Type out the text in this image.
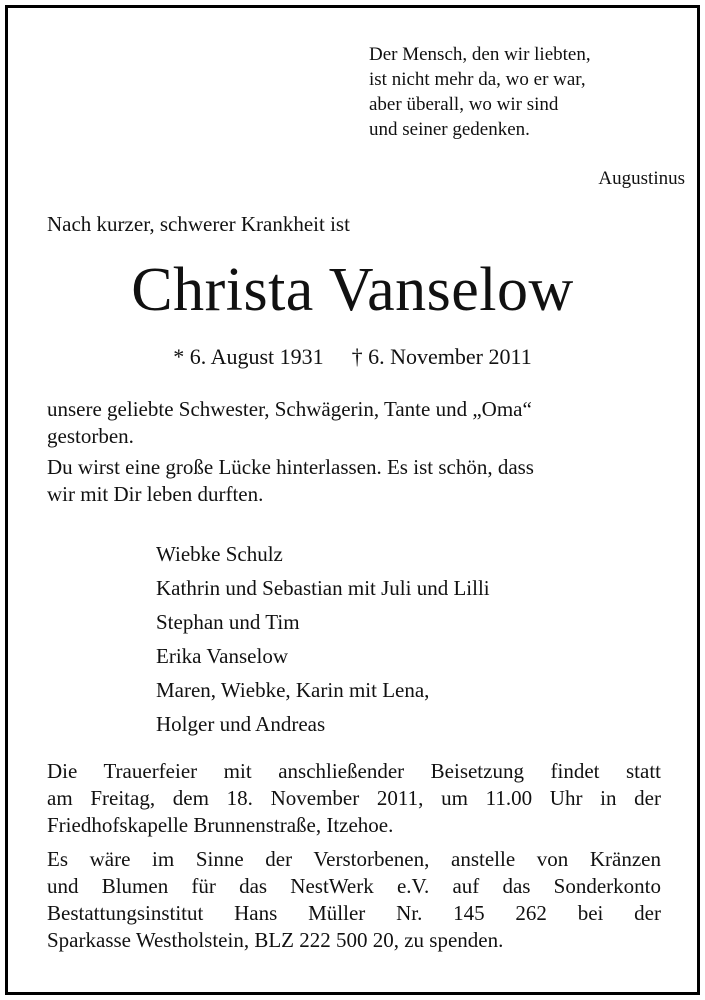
Der Mensch, den wir liebten,
ist nicht mehr da, wo er war,
aber überall, wo wir sind
und seiner gedenken.
Augustinus
Nach kurzer, schwerer Krankheit ist
Christa Vanselow
* 6. August 1931 † 6. November 2011
unsere geliebte Schwester, Schwägerin, Tante und „Oma“
gestorben.
Du wirst eine große Lücke hinterlassen. Es ist schön, dass
wir mit Dir leben durften.
Wiebke Schulz
Kathrin und Sebastian mit Juli und Lilli
Stephan und Tim
Erika Vanselow
Maren, Wiebke, Karin mit Lena,
Holger und Andreas
Die Trauerfeier mit anschließender Beisetzung findet statt
am Freitag, dem 18. November 2011, um 11.00 Uhr in der
Friedhofskapelle Brunnenstraße, Itzehoe.
Es wäre im Sinne der Verstorbenen, anstelle von Kränzen
und Blumen für das NestWerk e.V. auf das Sonderkonto
Bestattungsinstitut Hans Müller Nr. 145 262 bei der
Sparkasse Westholstein, BLZ 222 500 20, zu spenden.
